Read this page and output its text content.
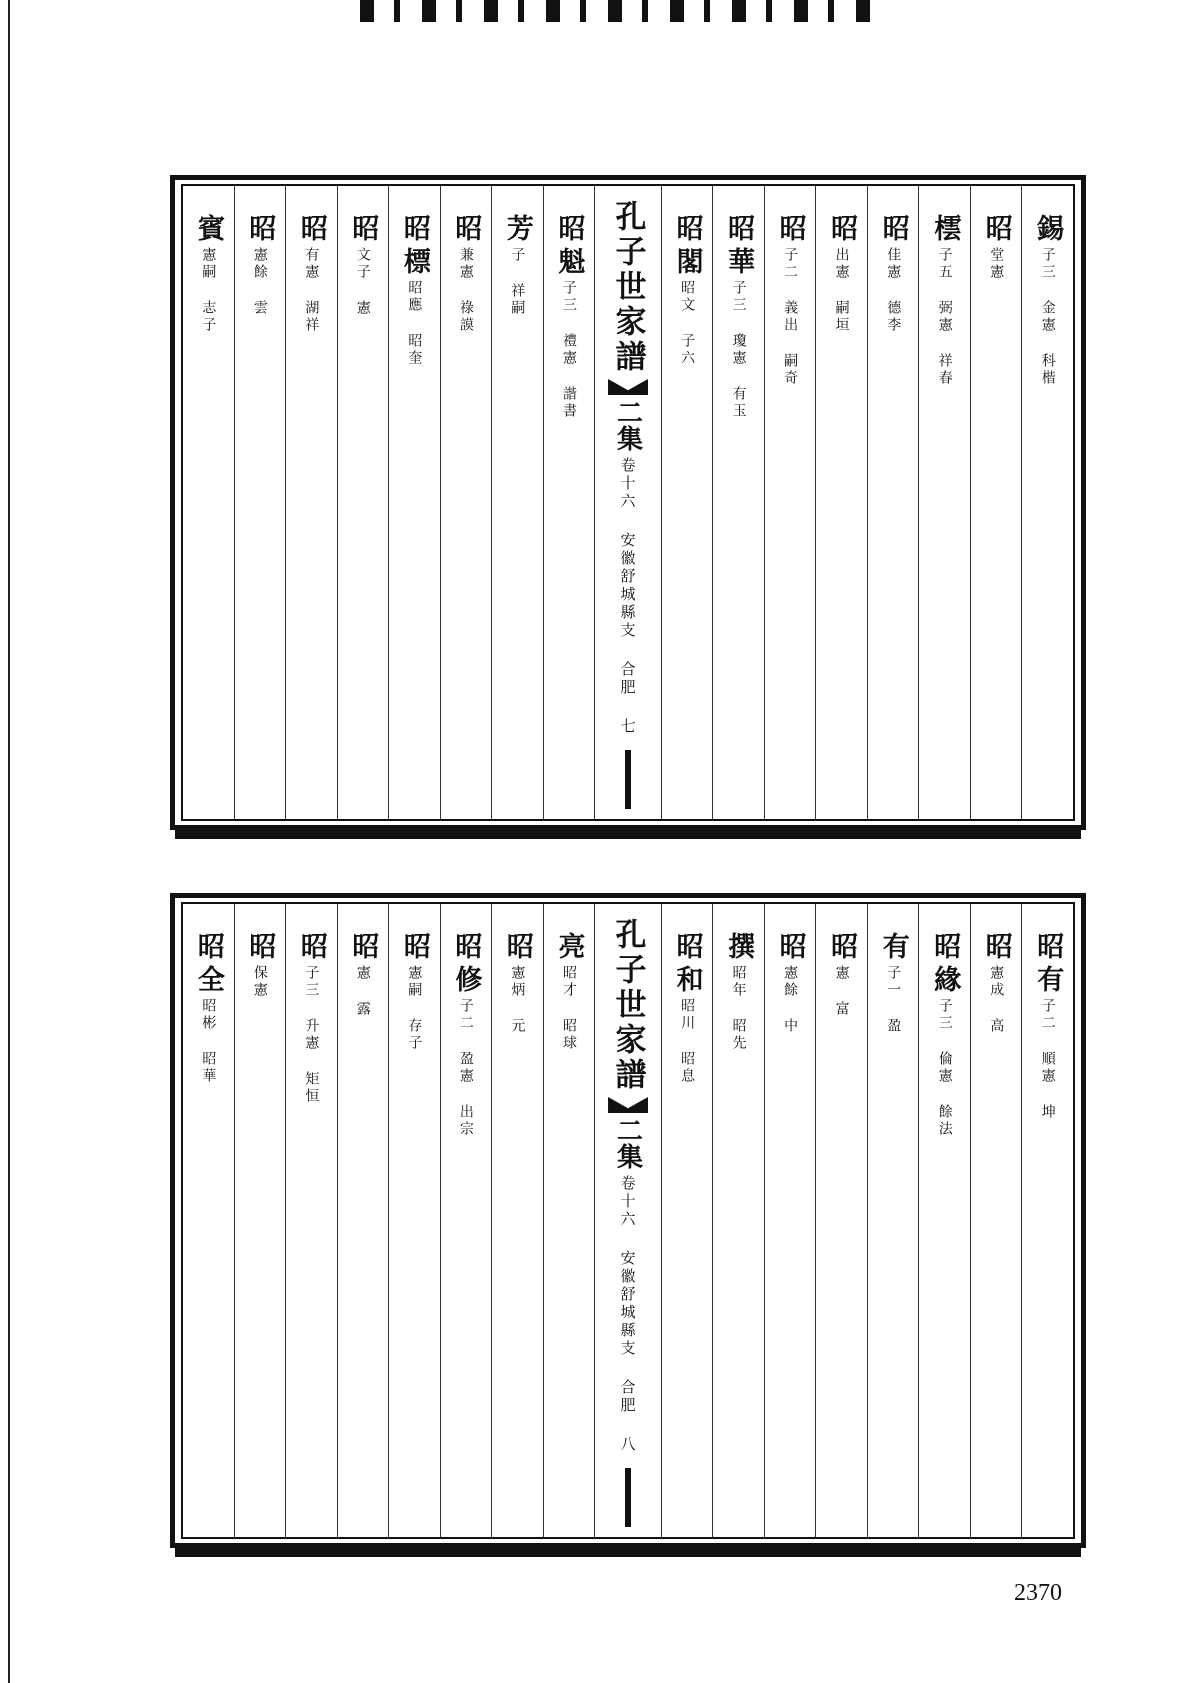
錫
子三 金憲 科楷
昭
堂憲
橒
子五 弼憲 祥春
昭
佳憲 德李
昭
出憲 嗣垣
昭
子二 義出 嗣奇
昭華
子三 瓊憲 有玉
昭閣
昭文 子六
孔子世家譜
二集
卷十六 安徽舒城縣支 合肥 七
昭魁
子三 禮憲 諧書
芳
子 祥嗣
昭
兼憲 祿謨
昭標
昭應 昭奎
昭
文子 憲
昭
有憲 湖祥
昭
憲餘 雲
賓
憲嗣 志子
昭有
子二 順憲 坤
昭
憲成 高
昭緣
子三 倫憲 餘法
有
子一 盈
昭
憲 富
昭
憲餘 中
撰
昭年 昭先
昭和
昭川 昭息
孔子世家譜
二集
卷十六 安徽舒城縣支 合肥 八
亮
昭才 昭球
昭
憲炳 元
昭修
子二 盈憲 出宗
昭
憲嗣 存子
昭
憲 露
昭
子三 升憲 矩恒
昭
保憲
昭全
昭彬 昭華
2370
